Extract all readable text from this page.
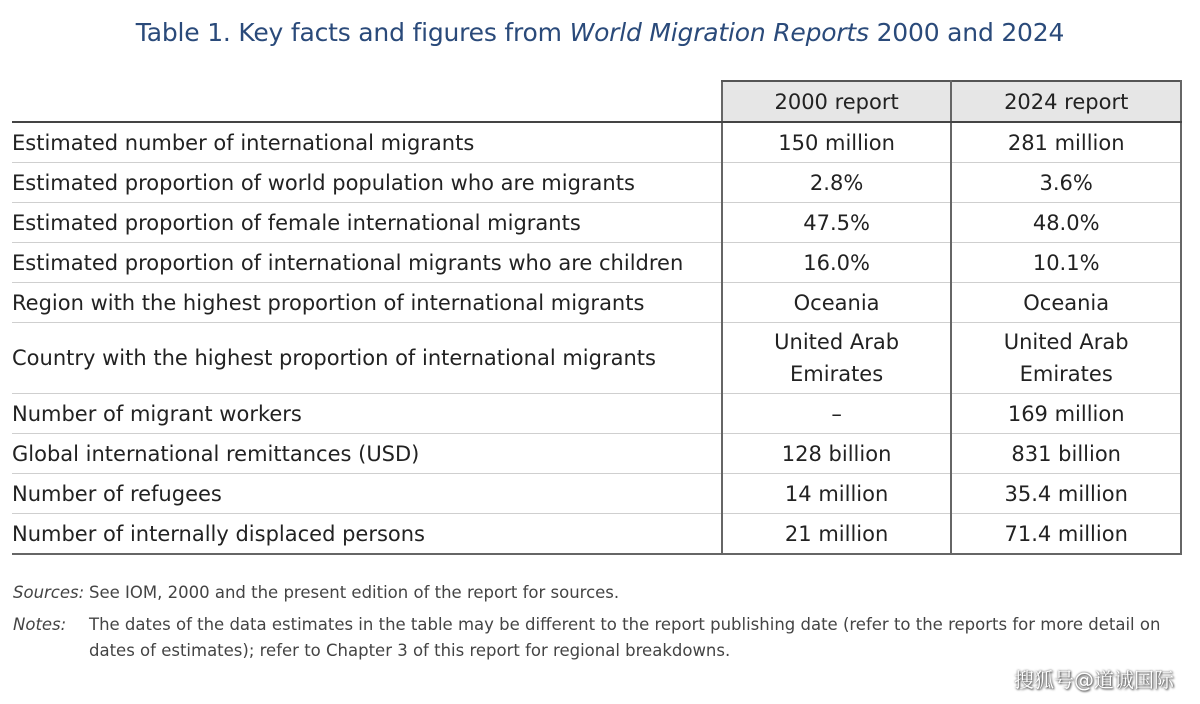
Table 1. Key facts and figures from World Migration Reports 2000 and 2024
	2000 report	2024 report
Estimated number of international migrants	150 million	281 million
Estimated proportion of world population who are migrants	2.8%	3.6%
Estimated proportion of female international migrants	47.5%	48.0%
Estimated proportion of international migrants who are children	16.0%	10.1%
Region with the highest proportion of international migrants	Oceania	Oceania
Country with the highest proportion of international migrants	United Arab Emirates	United Arab Emirates
Number of migrant workers	–	169 million
Global international remittances (USD)	128 billion	831 billion
Number of refugees	14 million	35.4 million
Number of internally displaced persons	21 million	71.4 million
Sources: See IOM, 2000 and the present edition of the report for sources.
Notes:	The dates of the data estimates in the table may be different to the report publishing date (refer to the reports for more detail on dates of estimates); refer to Chapter 3 of this report for regional breakdowns.
搜狐号@道诚国际
